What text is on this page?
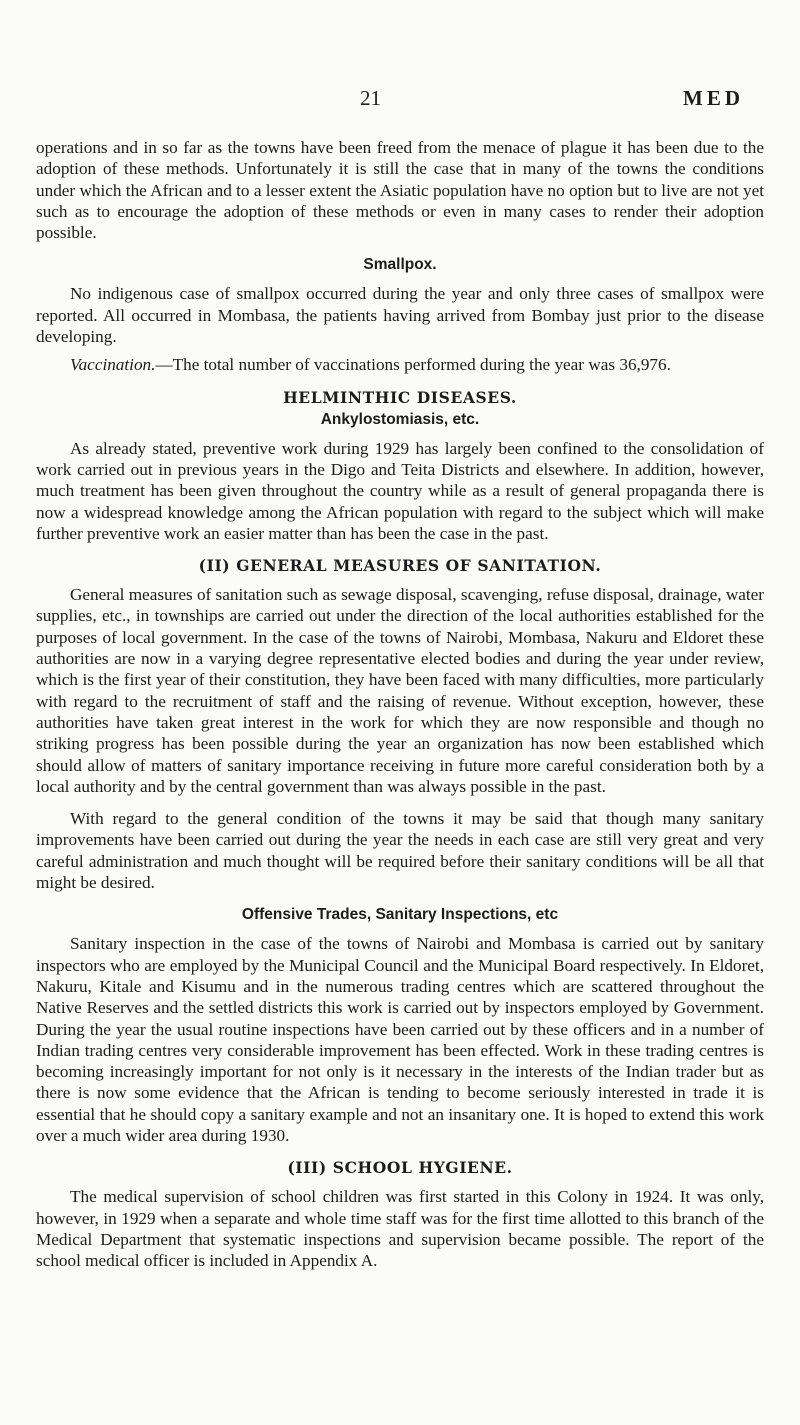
21	MED

operations and in so far as the towns have been freed from the menace of plague it has been due to the adoption of these methods. Unfortunately it is still the case that in many of the towns the conditions under which the African and to a lesser extent the Asiatic population have no option but to live are not yet such as to encourage the adoption of these methods or even in many cases to render their adoption possible.

Smallpox.

No indigenous case of smallpox occurred during the year and only three cases of smallpox were reported. All occurred in Mombasa, the patients having arrived from Bombay just prior to the disease developing.

Vaccination.—The total number of vaccinations performed during the year was 36,976.

HELMINTHIC DISEASES.
Ankylostomiasis, etc.

As already stated, preventive work during 1929 has largely been confined to the consolidation of work carried out in previous years in the Digo and Teita Districts and elsewhere. In addition, however, much treatment has been given throughout the country while as a result of general propaganda there is now a widespread knowledge among the African population with regard to the subject which will make further preventive work an easier matter than has been the case in the past.

(II) GENERAL MEASURES OF SANITATION.

General measures of sanitation such as sewage disposal, scavenging, refuse disposal, drainage, water supplies, etc., in townships are carried out under the direction of the local authorities established for the purposes of local government. In the case of the towns of Nairobi, Mombasa, Nakuru and Eldoret these authorities are now in a varying degree representative elected bodies and during the year under review, which is the first year of their constitution, they have been faced with many difficulties, more particularly with regard to the recruitment of staff and the raising of revenue. Without exception, however, these authorities have taken great interest in the work for which they are now responsible and though no striking progress has been possible during the year an organization has now been established which should allow of matters of sanitary importance receiving in future more careful consideration both by a local authority and by the central government than was always possible in the past.

With regard to the general condition of the towns it may be said that though many sanitary improvements have been carried out during the year the needs in each case are still very great and very careful administration and much thought will be required before their sanitary conditions will be all that might be desired.

Offensive Trades, Sanitary Inspections, etc

Sanitary inspection in the case of the towns of Nairobi and Mombasa is carried out by sanitary inspectors who are employed by the Municipal Council and the Municipal Board respectively. In Eldoret, Nakuru, Kitale and Kisumu and in the numerous trading centres which are scattered throughout the Native Reserves and the settled districts this work is carried out by inspectors employed by Government. During the year the usual routine inspections have been carried out by these officers and in a number of Indian trading centres very considerable improvement has been effected. Work in these trading centres is becoming increasingly important for not only is it necessary in the interests of the Indian trader but as there is now some evidence that the African is tending to become seriously interested in trade it is essential that he should copy a sanitary example and not an insanitary one. It is hoped to extend this work over a much wider area during 1930.

(III) SCHOOL HYGIENE.

The medical supervision of school children was first started in this Colony in 1924. It was only, however, in 1929 when a separate and whole time staff was for the first time allotted to this branch of the Medical Department that systematic inspections and supervision became possible. The report of the school medical officer is included in Appendix A.
